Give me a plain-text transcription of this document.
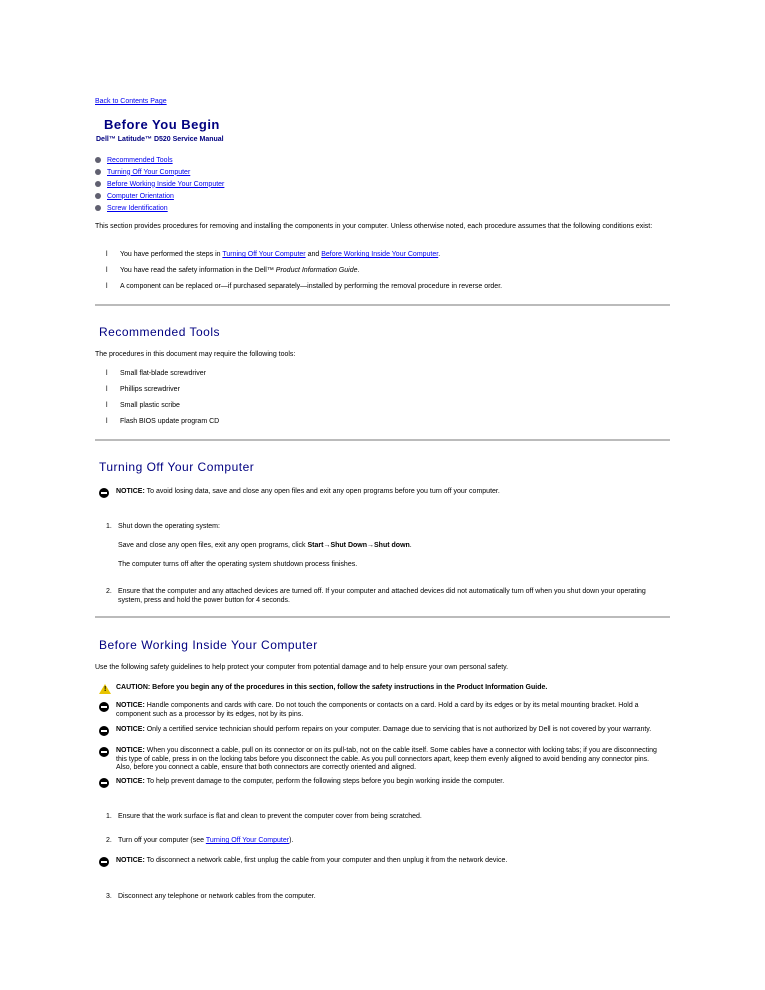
Back to Contents Page
Before You Begin
Dell™ Latitude™ D520 Service Manual
Recommended Tools
Turning Off Your Computer
Before Working Inside Your Computer
Computer Orientation
Screw Identification
This section provides procedures for removing and installing the components in your computer. Unless otherwise noted, each procedure assumes that the following conditions exist:
l You have performed the steps in Turning Off Your Computer and Before Working Inside Your Computer.
l You have read the safety information in the Dell™ Product Information Guide.
l A component can be replaced or—if purchased separately—installed by performing the removal procedure in reverse order.
Recommended Tools
The procedures in this document may require the following tools:
l Small flat-blade screwdriver
l Phillips screwdriver
l Small plastic scribe
l Flash BIOS update program CD
Turning Off Your Computer
NOTICE: To avoid losing data, save and close any open files and exit any open programs before you turn off your computer.
1. Shut down the operating system:
Save and close any open files, exit any open programs, click Start→Shut Down→Shut down.
The computer turns off after the operating system shutdown process finishes.
2. Ensure that the computer and any attached devices are turned off. If your computer and attached devices did not automatically turn off when you shut down your operating system, press and hold the power button for 4 seconds.
Before Working Inside Your Computer
Use the following safety guidelines to help protect your computer from potential damage and to help ensure your own personal safety.
!
CAUTION: Before you begin any of the procedures in this section, follow the safety instructions in the Product Information Guide.
NOTICE: Handle components and cards with care. Do not touch the components or contacts on a card. Hold a card by its edges or by its metal mounting bracket. Hold a component such as a processor by its edges, not by its pins.
NOTICE: Only a certified service technician should perform repairs on your computer. Damage due to servicing that is not authorized by Dell is not covered by your warranty.
NOTICE: When you disconnect a cable, pull on its connector or on its pull-tab, not on the cable itself. Some cables have a connector with locking tabs; if you are disconnecting this type of cable, press in on the locking tabs before you disconnect the cable. As you pull connectors apart, keep them evenly aligned to avoid bending any connector pins. Also, before you connect a cable, ensure that both connectors are correctly oriented and aligned.
NOTICE: To help prevent damage to the computer, perform the following steps before you begin working inside the computer.
1. Ensure that the work surface is flat and clean to prevent the computer cover from being scratched.
2. Turn off your computer (see Turning Off Your Computer).
NOTICE: To disconnect a network cable, first unplug the cable from your computer and then unplug it from the network device.
3. Disconnect any telephone or network cables from the computer.
